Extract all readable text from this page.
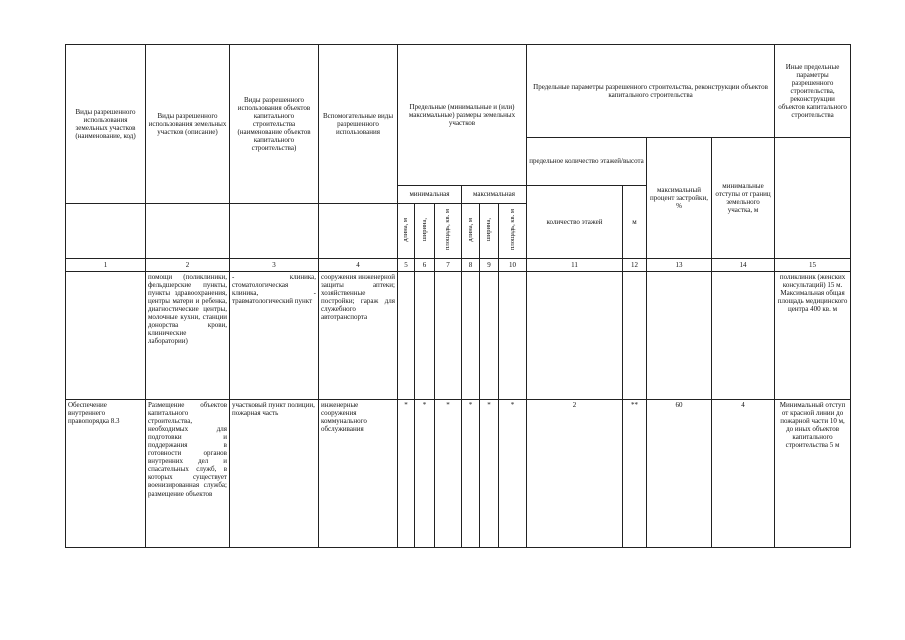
Виды разрешенного использования земельных участков (наименование, код)	Виды разрешенного использования земельных участков (описание)	Виды разрешенного использования объектов капитального строительства (наименование объектов капитального строительства)	Вспомогательные виды разрешенного использования	Предельные (минимальные и (или) максимальные) размеры земельных участков						Предельные параметры разрешенного строительства, реконструкции объектов капитального строительства				Иные предельные параметры разрешенного строительства, реконструкции объектов капитального строительства
										предельное количество этажей/высота		максимальный процент застройки, %	минимальные отступы от границ земельного участка, м	
				минимальная			максимальная			количество этажей	м			
				длина, м	ширина,	площадь, кв. м	длина, м	ширина,	площадь, кв. м					
1	2	3	4	5	6	7	8	9	10	11	12	13	14	15
	помощи (поликлиники, фельдшерские пункты, пункты здравоохранения, центры матери и ребенка, диагностические центры, молочные кухни, станции донорства крови, клинические лаборатории)	- клиника, стоматологическая клиника, - травматологический пункт	сооружения инженерной защиты аптеки; хозяйственные постройки; гараж для служебного автотранспорта											поликлиник (женских консультаций) 15 м. Максимальная общая площадь медицинского центра 400 кв. м
Обеспечение внутреннего правопорядка 8.3	Размещение объектов капитального строительства, необходимых для подготовки и поддержания в готовности органов внутренних дел и спасательных служб, в которых существует военизированная служба; размещение объектов	участковый пункт полиции, пожарная часть	инженерные сооружения коммунального обслуживания	*	*	*	*	*	*	2	**	60	4	Минимальный отступ от красной линии до пожарной части 10 м, до иных объектов капитального строительства 5 м
